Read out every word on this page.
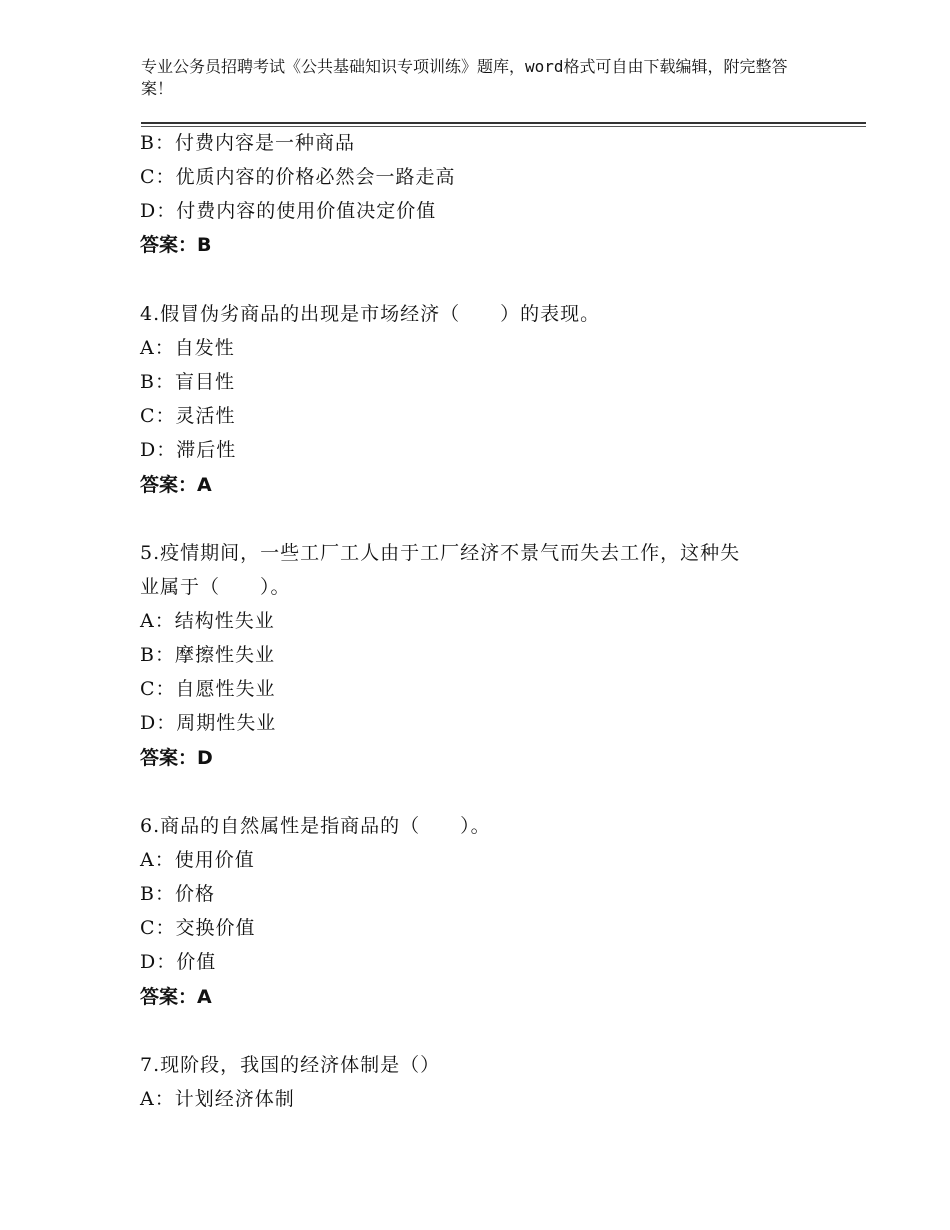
专业公务员招聘考试《公共基础知识专项训练》题库，word格式可自由下载编辑，附完整答案！
B：付费内容是一种商品
C：优质内容的价格必然会一路走高
D：付费内容的使用价值决定价值
答案：B
4.假冒伪劣商品的出现是市场经济（　　）的表现。
A：自发性
B：盲目性
C：灵活性
D：滞后性
答案：A
5.疫情期间，一些工厂工人由于工厂经济不景气而失去工作，这种失
业属于（　　）。
A：结构性失业
B：摩擦性失业
C：自愿性失业
D：周期性失业
答案：D
6.商品的自然属性是指商品的（　　）。
A：使用价值
B：价格
C：交换价值
D：价值
答案：A
7.现阶段，我国的经济体制是（）
A：计划经济体制
